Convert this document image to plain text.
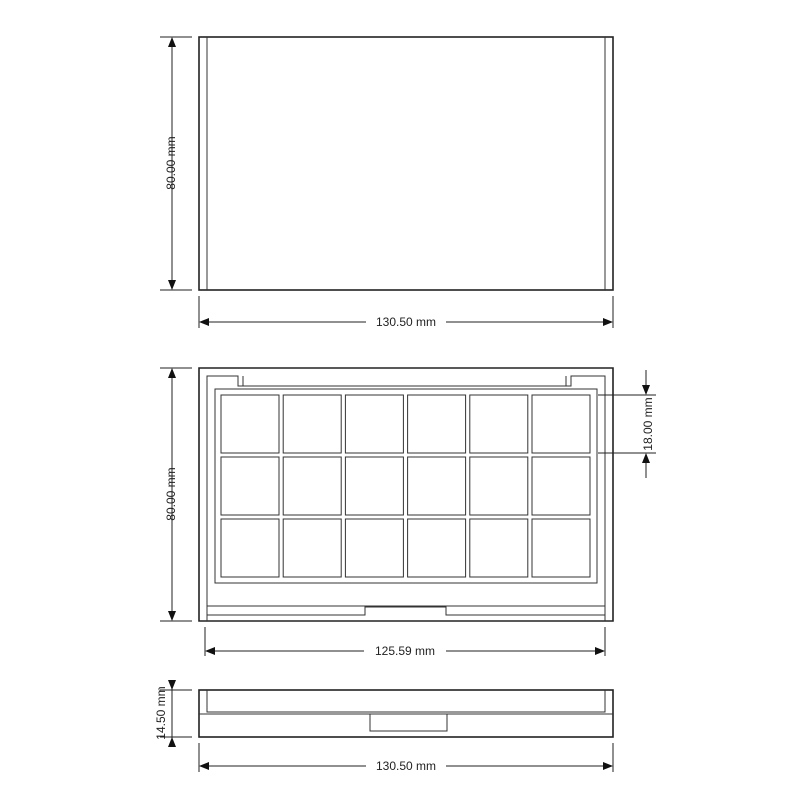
80.00 mm
130.50 mm
80.00 mm
125.59 mm
18.00 mm
14.50 mm
130.50 mm
